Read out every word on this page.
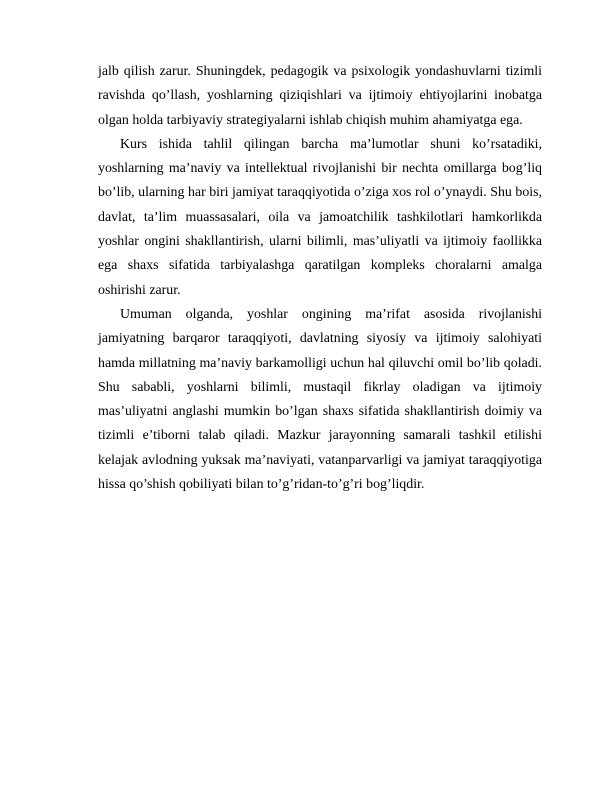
jalb qilish zarur. Shuningdek, pedagogik va psixologik yondashuvlarni tizimli ravishda qo’llash, yoshlarning qiziqishlari va ijtimoiy ehtiyojlarini inobatga olgan holda tarbiyaviy strategiyalarni ishlab chiqish muhim ahamiyatga ega.

Kurs ishida tahlil qilingan barcha ma’lumotlar shuni ko’rsatadiki, yoshlarning ma’naviy va intellektual rivojlanishi bir nechta omillarga bog’liq bo’lib, ularning har biri jamiyat taraqqiyotida o’ziga xos rol o’ynaydi. Shu bois, davlat, ta’lim muassasalari, oila va jamoatchilik tashkilotlari hamkorlikda yoshlar ongini shakllantirish, ularni bilimli, mas’uliyatli va ijtimoiy faollikka ega shaxs sifatida tarbiyalashga qaratilgan kompleks choralarni amalga oshirishi zarur.

Umuman olganda, yoshlar ongining ma’rifat asosida rivojlanishi jamiyatning barqaror taraqqiyoti, davlatning siyosiy va ijtimoiy salohiyati hamda millatning ma’naviy barkamolligi uchun hal qiluvchi omil bo’lib qoladi. Shu sababli, yoshlarni bilimli, mustaqil fikrlay oladigan va ijtimoiy mas’uliyatni anglashi mumkin bo’lgan shaxs sifatida shakllantirish doimiy va tizimli e’tiborni talab qiladi. Mazkur jarayonning samarali tashkil etilishi kelajak avlodning yuksak ma’naviyati, vatanparvarligi va jamiyat taraqqiyotiga hissa qo’shish qobiliyati bilan to’g’ridan-to’g’ri bog’liqdir.
